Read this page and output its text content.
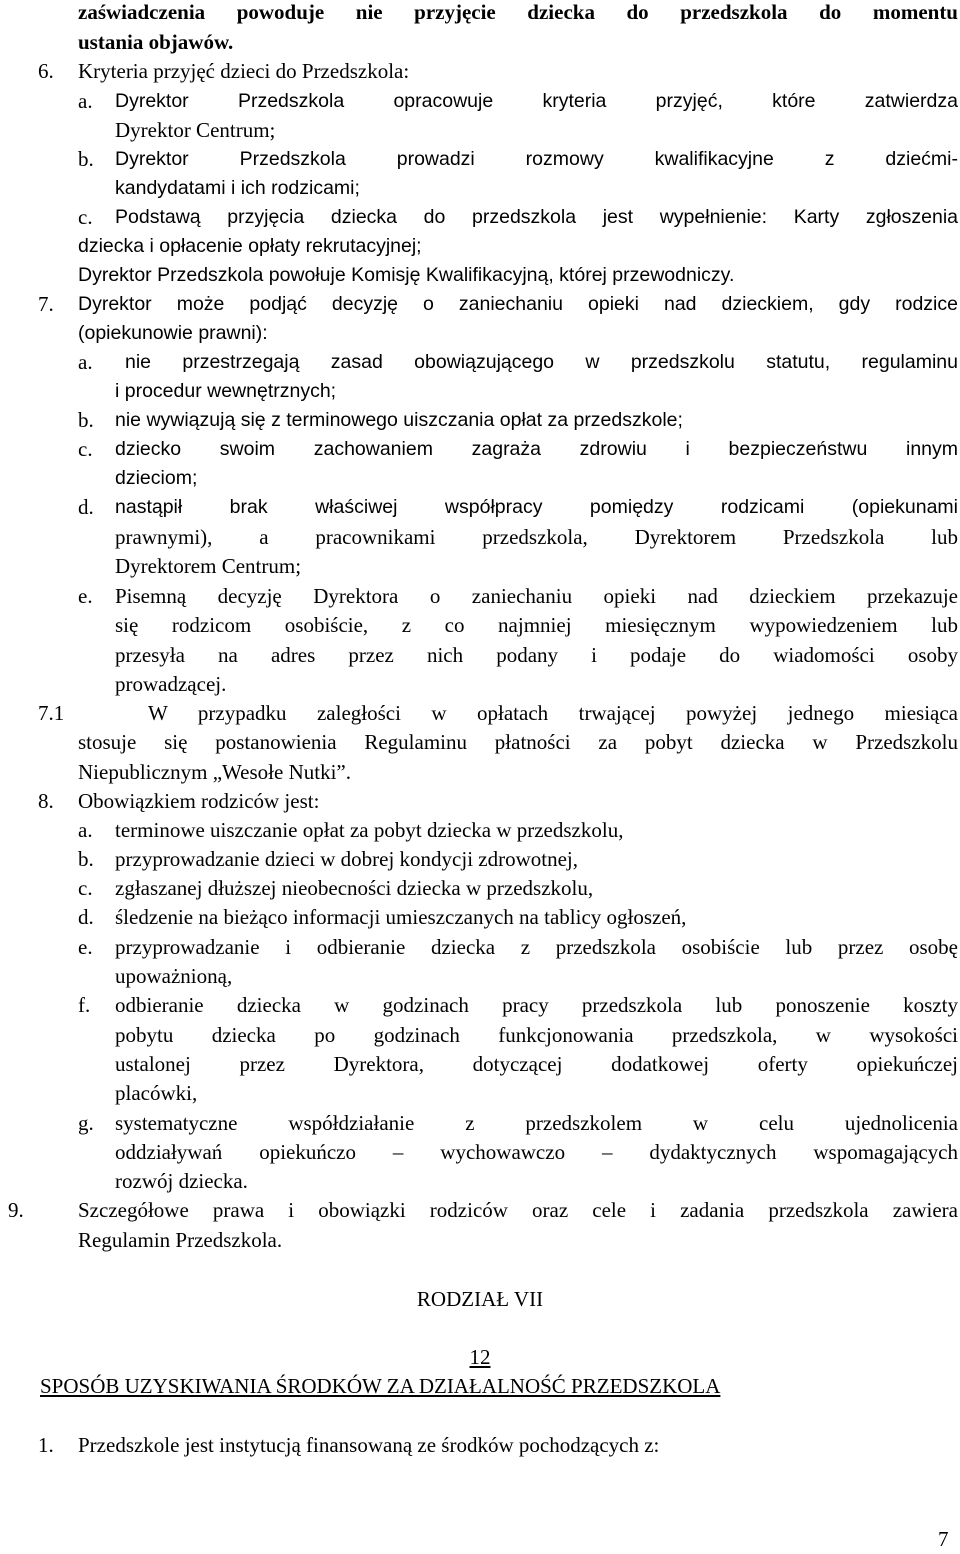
zaświadczenia powoduje nie przyjęcie dziecka do przedszkola do momentu

ustania objawów.

6. Kryteria przyjęć dzieci do Przedszkola:

a. Dyrektor Przedszkola opracowuje kryteria przyjęć, które zatwierdza

Dyrektor Centrum;

b. Dyrektor Przedszkola prowadzi rozmowy kwalifikacyjne z dziećmi-

kandydatami i ich rodzicami;

c. Podstawą przyjęcia dziecka do przedszkola jest wypełnienie: Karty zgłoszenia

dziecka i opłacenie opłaty rekrutacyjnej;

Dyrektor Przedszkola powołuje Komisję Kwalifikacyjną, której przewodniczy.

7. Dyrektor może podjąć decyzję o zaniechaniu opieki nad dzieckiem, gdy rodzice

(opiekunowie prawni):

a. nie przestrzegają zasad obowiązującego w przedszkolu statutu, regulaminu

i procedur wewnętrznych;

b. nie wywiązują się z terminowego uiszczania opłat za przedszkole;

c. dziecko swoim zachowaniem zagraża zdrowiu i bezpieczeństwu innym

dzieciom;

d. nastąpił brak właściwej współpracy pomiędzy rodzicami (opiekunami

prawnymi), a pracownikami przedszkola, Dyrektorem Przedszkola lub

Dyrektorem Centrum;

e. Pisemną decyzję Dyrektora o zaniechaniu opieki nad dzieckiem przekazuje

się rodzicom osobiście, z co najmniej miesięcznym wypowiedzeniem lub

przesyła na adres przez nich podany i podaje do wiadomości osoby

prowadzącej.

7.1	W przypadku zaległości w opłatach trwającej powyżej jednego miesiąca

stosuje się postanowienia Regulaminu płatności za pobyt dziecka w Przedszkolu

Niepublicznym „Wesołe Nutki”.

8. Obowiązkiem rodziców jest:

a. terminowe uiszczanie opłat za pobyt dziecka w przedszkolu,

b. przyprowadzanie dzieci w dobrej kondycji zdrowotnej,

c. zgłaszanej dłuższej nieobecności dziecka w przedszkolu,

d. śledzenie na bieżąco informacji umieszczanych na tablicy ogłoszeń,

e. przyprowadzanie i odbieranie dziecka z przedszkola osobiście lub przez osobę

upoważnioną,

f. odbieranie dziecka w godzinach pracy przedszkola lub ponoszenie koszty

pobytu dziecka po godzinach funkcjonowania przedszkola, w wysokości

ustalonej przez Dyrektora, dotyczącej dodatkowej oferty opiekuńczej

placówki,

g. systematyczne współdziałanie z przedszkolem w celu ujednolicenia

oddziaływań opiekuńczo – wychowawczo – dydaktycznych wspomagających

rozwój dziecka.

9.	Szczegółowe prawa i obowiązki rodziców oraz cele i zadania przedszkola zawiera

Regulamin Przedszkola.

RODZIAŁ VII

12

SPOSÓB UZYSKIWANIA ŚRODKÓW ZA DZIAŁALNOŚĆ PRZEDSZKOLA

1. Przedszkole jest instytucją finansowaną ze środków pochodzących z:

7
